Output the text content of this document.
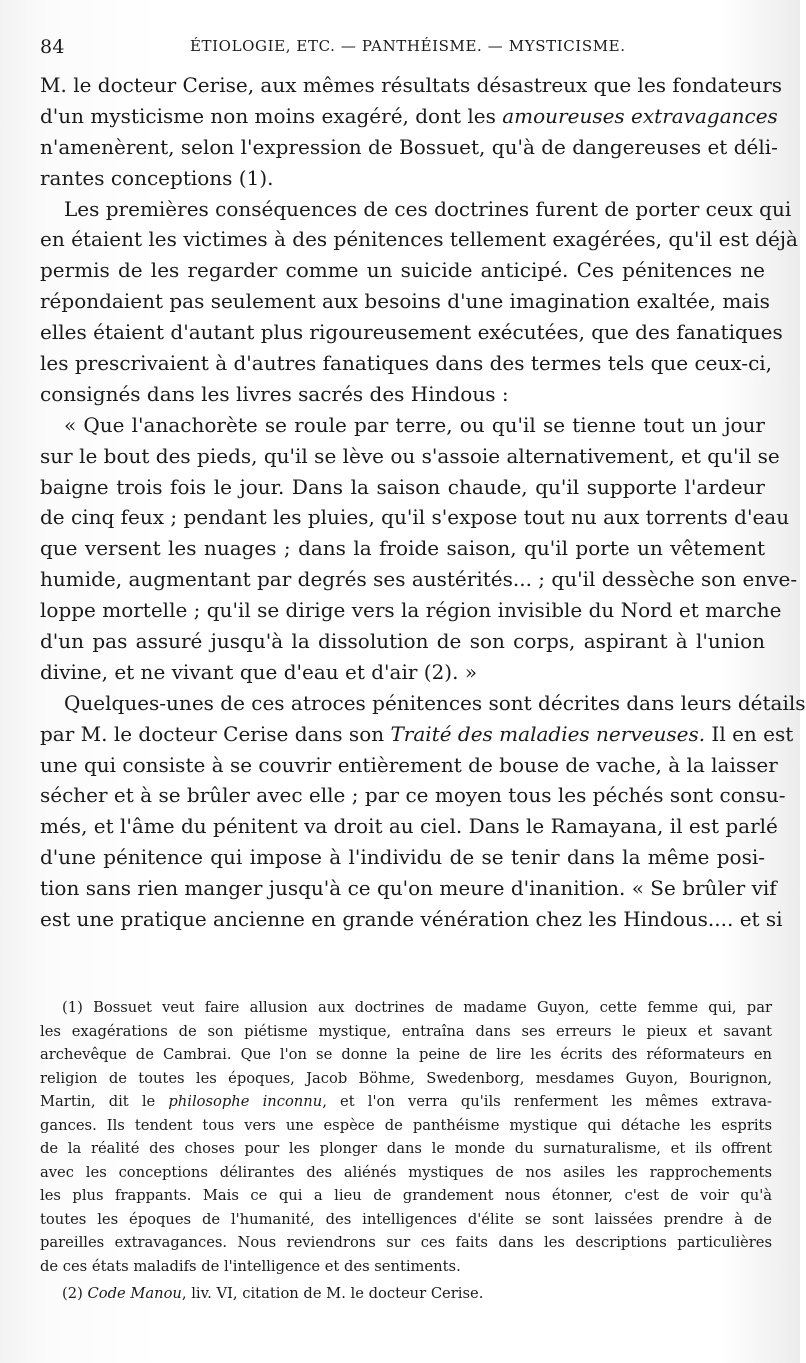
84	ÉTIOLOGIE, ETC. — PANTHÉISME. — MYSTICISME.
M. le docteur Cerise, aux mêmes résultats désastreux que les fondateurs
d'un mysticisme non moins exagéré, dont les amoureuses extravagances
n'amenèrent, selon l'expression de Bossuet, qu'à de dangereuses et déli-
rantes conceptions (1).
Les premières conséquences de ces doctrines furent de porter ceux qui
en étaient les victimes à des pénitences tellement exagérées, qu'il est déjà
permis de les regarder comme un suicide anticipé. Ces pénitences ne
répondaient pas seulement aux besoins d'une imagination exaltée, mais
elles étaient d'autant plus rigoureusement exécutées, que des fanatiques
les prescrivaient à d'autres fanatiques dans des termes tels que ceux-ci,
consignés dans les livres sacrés des Hindous :
« Que l'anachorète se roule par terre, ou qu'il se tienne tout un jour
sur le bout des pieds, qu'il se lève ou s'assoie alternativement, et qu'il se
baigne trois fois le jour. Dans la saison chaude, qu'il supporte l'ardeur
de cinq feux ; pendant les pluies, qu'il s'expose tout nu aux torrents d'eau
que versent les nuages ; dans la froide saison, qu'il porte un vêtement
humide, augmentant par degrés ses austérités... ; qu'il dessèche son enve-
loppe mortelle ; qu'il se dirige vers la région invisible du Nord et marche
d'un pas assuré jusqu'à la dissolution de son corps, aspirant à l'union
divine, et ne vivant que d'eau et d'air (2). »
Quelques-unes de ces atroces pénitences sont décrites dans leurs détails
par M. le docteur Cerise dans son Traité des maladies nerveuses. Il en est
une qui consiste à se couvrir entièrement de bouse de vache, à la laisser
sécher et à se brûler avec elle ; par ce moyen tous les péchés sont consu-
més, et l'âme du pénitent va droit au ciel. Dans le Ramayana, il est parlé
d'une pénitence qui impose à l'individu de se tenir dans la même posi-
tion sans rien manger jusqu'à ce qu'on meure d'inanition. « Se brûler vif
est une pratique ancienne en grande vénération chez les Hindous.... et si
(1) Bossuet veut faire allusion aux doctrines de madame Guyon, cette femme qui, par
les exagérations de son piétisme mystique, entraîna dans ses erreurs le pieux et savant
archevêque de Cambrai. Que l'on se donne la peine de lire les écrits des réformateurs en
religion de toutes les époques, Jacob Böhme, Swedenborg, mesdames Guyon, Bourignon,
Martin, dit le philosophe inconnu, et l'on verra qu'ils renferment les mêmes extrava-
gances. Ils tendent tous vers une espèce de panthéisme mystique qui détache les esprits
de la réalité des choses pour les plonger dans le monde du surnaturalisme, et ils offrent
avec les conceptions délirantes des aliénés mystiques de nos asiles les rapprochements
les plus frappants. Mais ce qui a lieu de grandement nous étonner, c'est de voir qu'à
toutes les époques de l'humanité, des intelligences d'élite se sont laissées prendre à de
pareilles extravagances. Nous reviendrons sur ces faits dans les descriptions particulières
de ces états maladifs de l'intelligence et des sentiments.
(2) Code Manou, liv. VI, citation de M. le docteur Cerise.
